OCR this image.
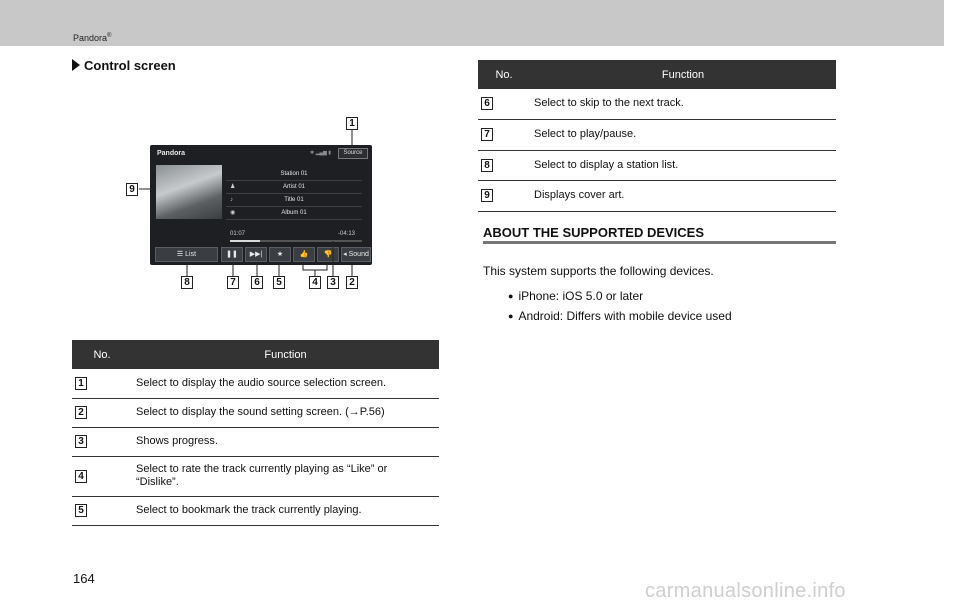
Pandora®
Control screen
Pandora	✱ ▂▄▆ ▮	Source
Station 01
♟	Artist 01
♪	Title 01
◉	Album 01
01:07	-04:13
☰ List	❚❚	▶▶|	★	👍	👎	◂ Sound
1
9
8	7	6	5	4	3	2
No.	Function
1	Select to display the audio source selection screen.
2	Select to display the sound setting screen. (→P.56)
3	Shows progress.
4	Select to rate the track currently playing as “Like” or “Dislike”.
5	Select to bookmark the track currently playing.
No.	Function
6	Select to skip to the next track.
7	Select to play/pause.
8	Select to display a station list.
9	Displays cover art.
ABOUT THE SUPPORTED DEVICES
This system supports the following devices.
● iPhone: iOS 5.0 or later
● Android: Differs with mobile device used
164
carmanualsonline.info
